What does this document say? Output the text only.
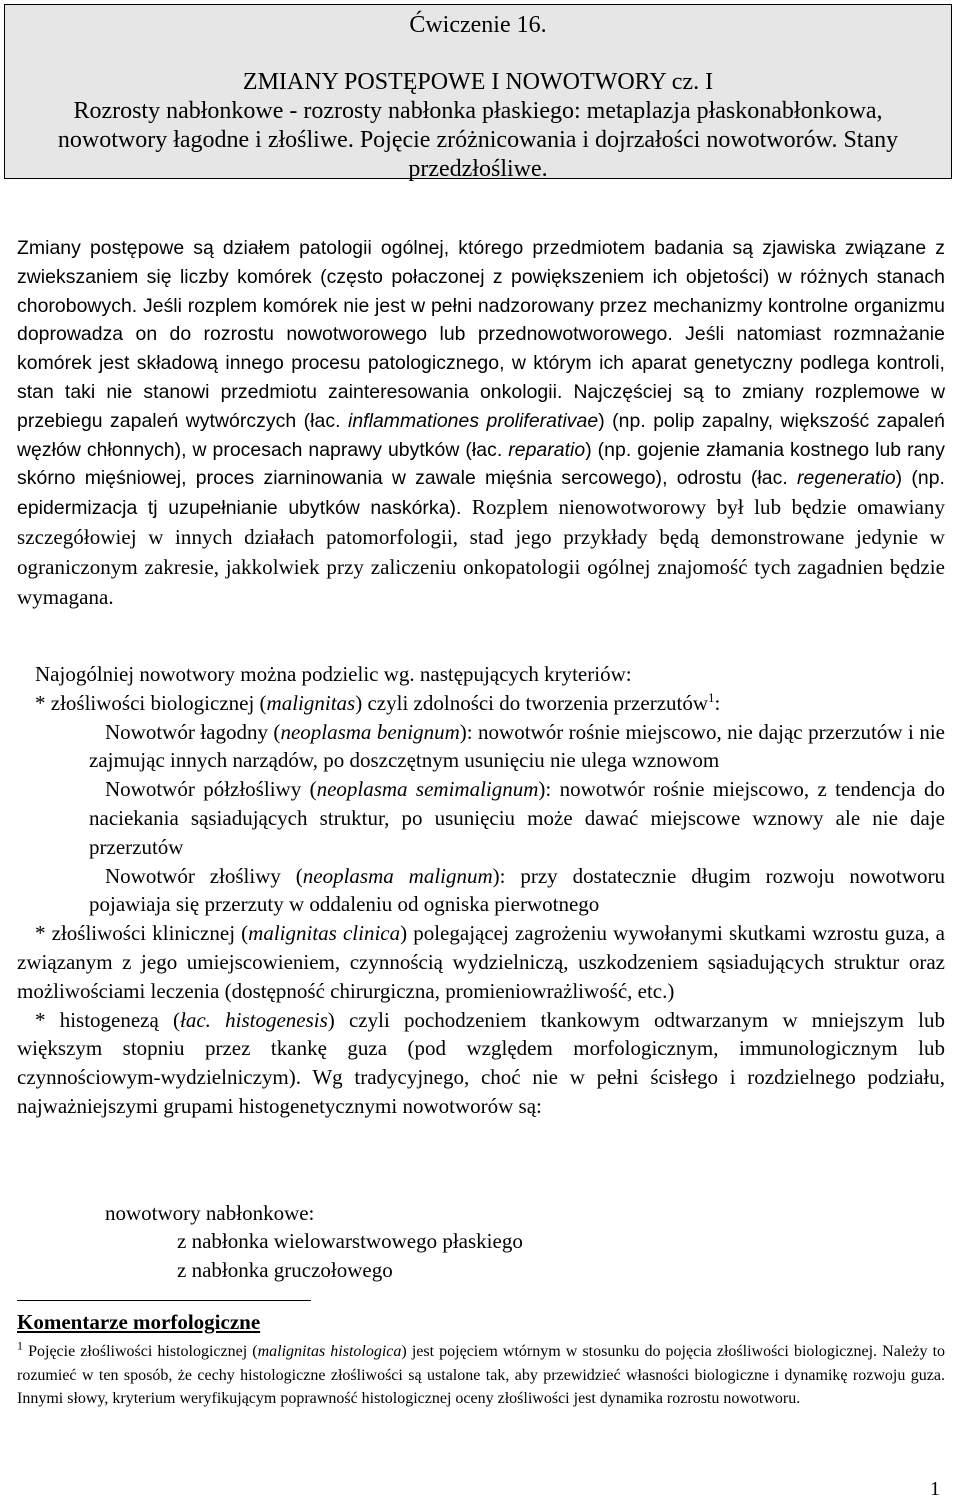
Ćwiczenie 16.
ZMIANY POSTĘPOWE I NOWOTWORY cz. I
Rozrosty nabłonkowe - rozrosty nabłonka płaskiego: metaplazja płaskonabłonkowa,
nowotwory łagodne i złośliwe. Pojęcie zróżnicowania i dojrzałości nowotworów. Stany
przedzłośliwe.
Zmiany postępowe są działem patologii ogólnej, którego przedmiotem badania są zjawiska związane z zwiekszaniem się liczby komórek (często połaczonej z powiększeniem ich objetości) w różnych stanach chorobowych. Jeśli rozplem komórek nie jest w pełni nadzorowany przez mechanizmy kontrolne organizmu doprowadza on do rozrostu nowotworowego lub przednowotworowego. Jeśli natomiast rozmnażanie komórek jest składową innego procesu patologicznego, w którym ich aparat genetyczny podlega kontroli, stan taki nie stanowi przedmiotu zainteresowania onkologii. Najczęściej są to zmiany rozplemowe w przebiegu zapaleń wytwórczych (łac. inflammationes proliferativae) (np. polip zapalny, większość zapaleń węzłów chłonnych), w procesach naprawy ubytków (łac. reparatio) (np. gojenie złamania kostnego lub rany skórno mięśniowej, proces ziarninowania w zawale mięśnia sercowego), odrostu (łac. regeneratio) (np. epidermizacja tj uzupełnianie ubytków naskórka). Rozplem nienowotworowy był lub będzie omawiany szczegółowiej w innych działach patomorfologii, stad jego przykłady będą demonstrowane jedynie w ograniczonym zakresie, jakkolwiek przy zaliczeniu onkopatologii ogólnej znajomość tych zagadnien będzie wymagana.

Najogólniej nowotwory można podzielic wg. następujących kryteriów:

* złośliwości biologicznej (malignitas) czyli zdolności do tworzenia przerzutów$^1$:

Nowotwór łagodny (neoplasma benignum): nowotwór rośnie miejscowo, nie dając przerzutów i nie zajmując innych narządów, po doszczętnym usunięciu nie ulega wznowom

Nowotwór półzłośliwy (neoplasma semimalignum): nowotwór rośnie miejscowo, z tendencja do naciekania sąsiadujących struktur, po usunięciu może dawać miejscowe wznowy ale nie daje przerzutów

Nowotwór złośliwy (neoplasma malignum): przy dostatecznie długim rozwoju nowotworu pojawiaja się przerzuty w oddaleniu od ogniska pierwotnego

* złośliwości klinicznej (malignitas clinica) polegającej zagrożeniu wywołanymi skutkami wzrostu guza, a związanym z jego umiejscowieniem, czynnością wydzielniczą, uszkodzeniem sąsiadujących struktur oraz możliwościami leczenia (dostępność chirurgiczna, promieniowrażliwość, etc.)

* histogenezą (łac. histogenesis) czyli pochodzeniem tkankowym odtwarzanym w mniejszym lub większym stopniu przez tkankę guza (pod względem morfologicznym, immunologicznym lub czynnościowym-wydzielniczym). Wg tradycyjnego, choć nie w pełni ścisłego i rozdzielnego podziału, najważniejszymi grupami histogenetycznymi nowotworów są:

nowotwory nabłonkowe:
z nabłonka wielowarstwowego płaskiego
z nabłonka gruczołowego
Komentarze morfologiczne
$^1$ Pojęcie złośliwości histologicznej (malignitas histologica) jest pojęciem wtórnym w stosunku do pojęcia złośliwości biologicznej. Należy to rozumieć w ten sposób, że cechy histologiczne złośliwości są ustalone tak, aby przewidzieć własności biologiczne i dynamikę rozwoju guza. Innymi słowy, kryterium weryfikującym poprawność histologicznej oceny złośliwości jest dynamika rozrostu nowotworu.
1
